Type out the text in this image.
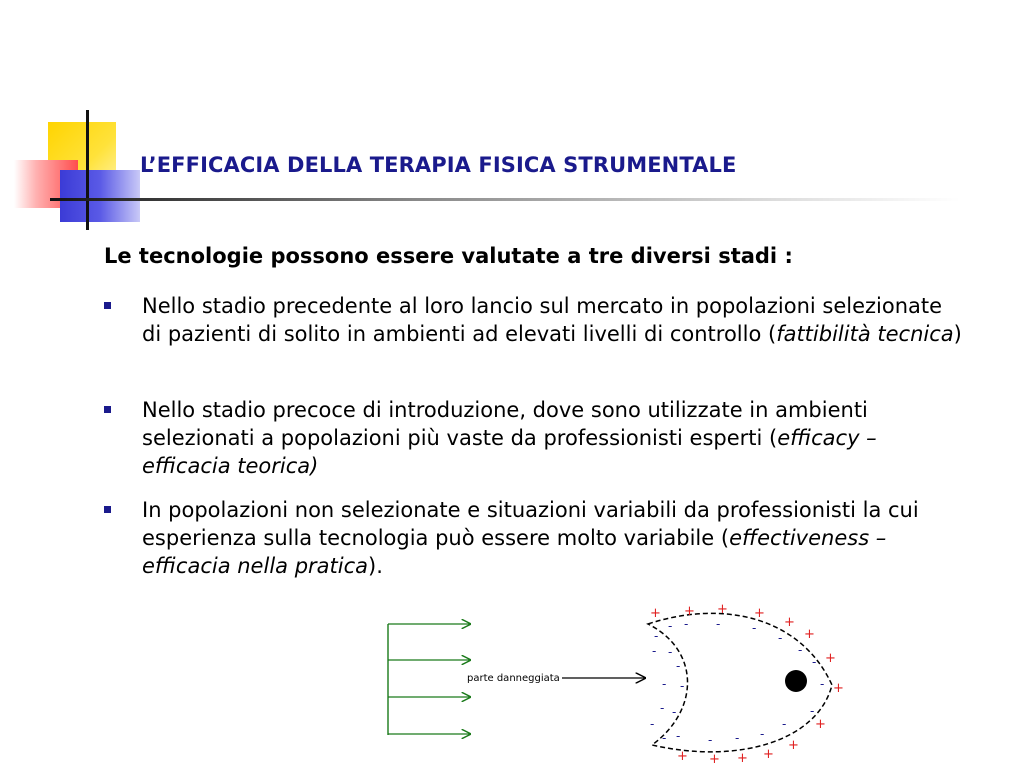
L’EFFICACIA DELLA TERAPIA FISICA STRUMENTALE
Le tecnologie possono essere valutate a tre diversi stadi :
Nello stadio precedente al loro lancio sul mercato in popolazioni selezionate di pazienti di solito in ambienti ad elevati livelli di controllo (fattibilità tecnica)
Nello stadio precoce di introduzione, dove sono utilizzate in ambienti selezionati a popolazioni più vaste da professionisti esperti (efficacy – efficacia teorica)
In popolazioni non selezionate e situazioni variabili da professionisti la cui esperienza sulla tecnologia può essere molto variabile (effectiveness – efficacia nella pratica).
parte danneggiata
+ + + +
+
+
+
+
+
+
+
+
+
+
-
- -	-
-
-
-
-
-
-
-
-
-
-
-
- -
-
- -
- -
-
-
